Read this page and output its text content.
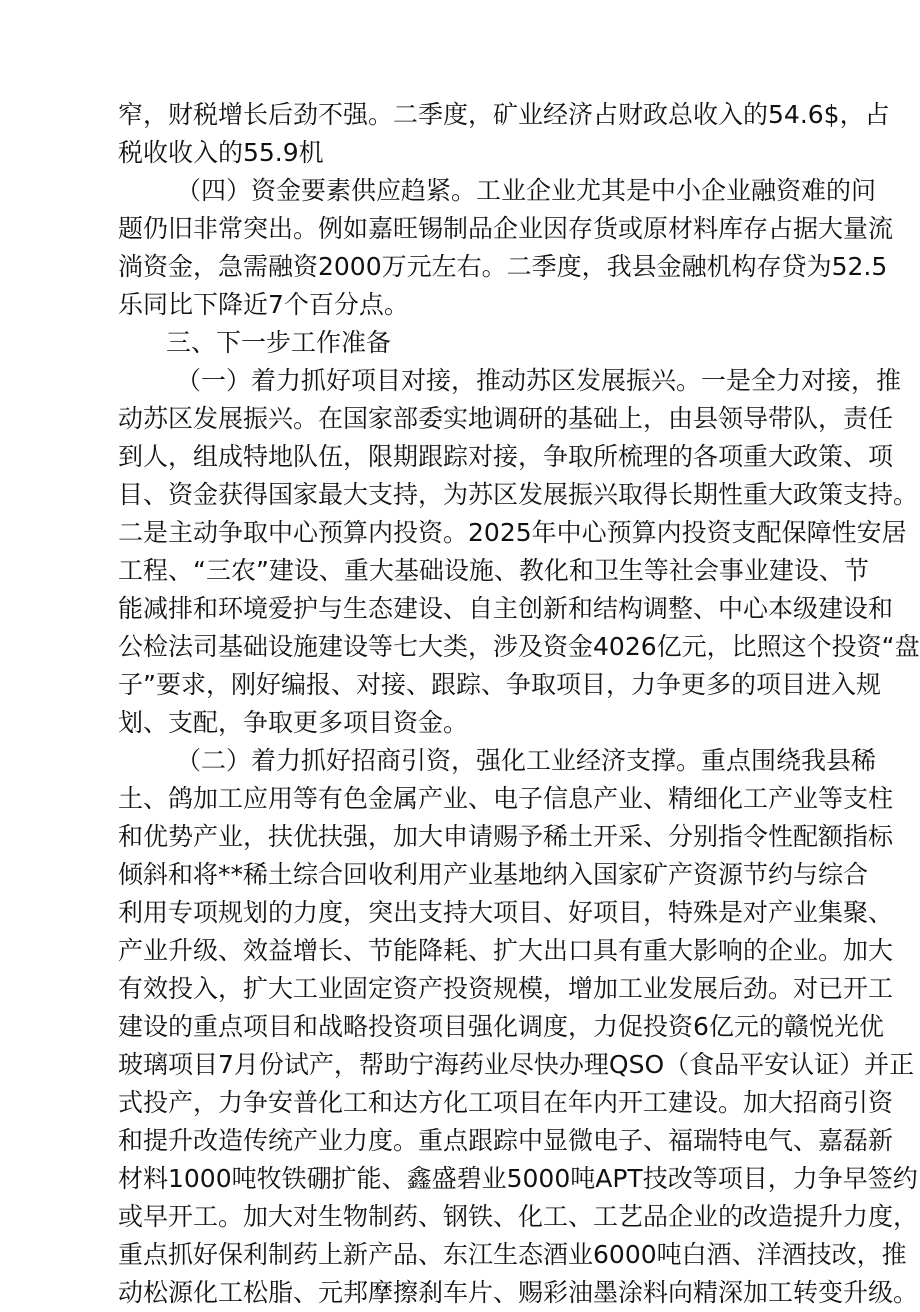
窄，财税增长后劲不强。二季度，矿业经济占财政总收入的54.6$，占
税收收入的55.9机
（四）资金要素供应趋紧。工业企业尤其是中小企业融资难的问
题仍旧非常突出。例如嘉旺锡制品企业因存货或原材料库存占据大量流
淌资金，急需融资2000万元左右。二季度，我县金融机构存贷为52.5
乐同比下降近7个百分点。
三、下一步工作准备
（一）着力抓好项目对接，推动苏区发展振兴。一是全力对接，推
动苏区发展振兴。在国家部委实地调研的基础上，由县领导带队，责任
到人，组成特地队伍，限期跟踪对接，争取所梳理的各项重大政策、项
目、资金获得国家最大支持，为苏区发展振兴取得长期性重大政策支持。
二是主动争取中心预算内投资。2025年中心预算内投资支配保障性安居
工程、“三农”建设、重大基础设施、教化和卫生等社会事业建设、节
能减排和环境爱护与生态建设、自主创新和结构调整、中心本级建设和
公检法司基础设施建设等七大类，涉及资金4026亿元，比照这个投资“盘
子”要求，刚好编报、对接、跟踪、争取项目，力争更多的项目进入规
划、支配，争取更多项目资金。
（二）着力抓好招商引资，强化工业经济支撑。重点围绕我县稀
土、鸽加工应用等有色金属产业、电子信息产业、精细化工产业等支柱
和优势产业，扶优扶强，加大申请赐予稀土开采、分别指令性配额指标
倾斜和将**稀土综合回收利用产业基地纳入国家矿产资源节约与综合
利用专项规划的力度，突出支持大项目、好项目，特殊是对产业集聚、
产业升级、效益增长、节能降耗、扩大出口具有重大影响的企业。加大
有效投入，扩大工业固定资产投资规模，增加工业发展后劲。对已开工
建设的重点项目和战略投资项目强化调度，力促投资6亿元的赣悦光优
玻璃项目7月份试产，帮助宁海药业尽快办理QSO（食品平安认证）并正
式投产，力争安普化工和达方化工项目在年内开工建设。加大招商引资
和提升改造传统产业力度。重点跟踪中显微电子、福瑞特电气、嘉磊新
材料1000吨牧铁硼扩能、鑫盛碧业5000吨APT技改等项目，力争早签约
或早开工。加大对生物制药、钢铁、化工、工艺品企业的改造提升力度，
重点抓好保利制药上新产品、东江生态酒业6000吨白酒、洋酒技改，推
动松源化工松脂、元邦摩擦刹车片、赐彩油墨涂料向精深加工转变升级。
